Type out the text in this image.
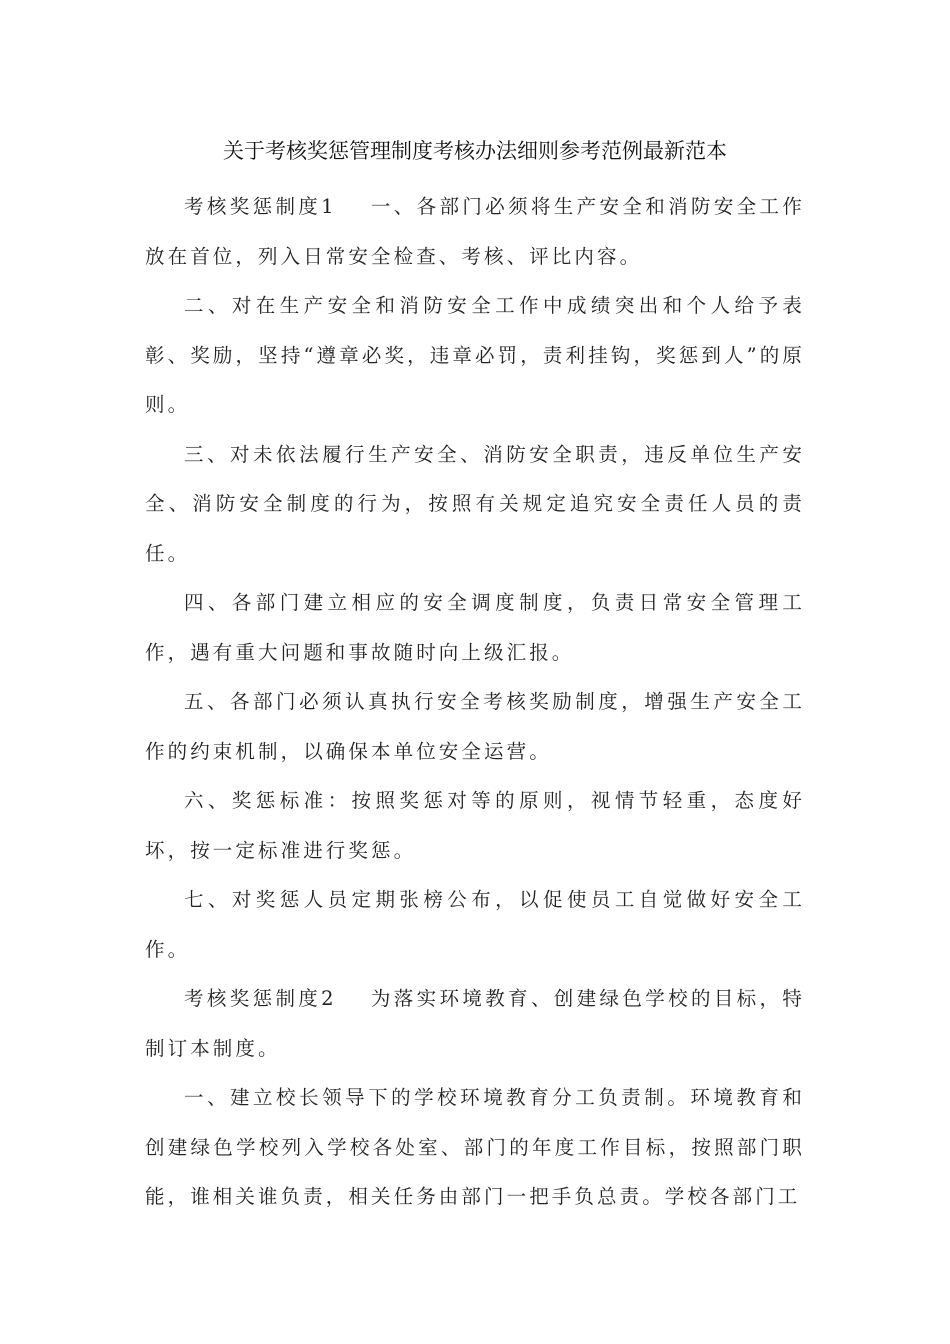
关于考核奖惩管理制度考核办法细则参考范例最新范本

考核奖惩制度1 一、各部门必须将生产安全和消防安全工作放在首位，列入日常安全检查、考核、评比内容。

二、对在生产安全和消防安全工作中成绩突出和个人给予表彰、奖励，坚持“遵章必奖，违章必罚，责利挂钩，奖惩到人”的原则。

三、对未依法履行生产安全、消防安全职责，违反单位生产安全、消防安全制度的行为，按照有关规定追究安全责任人员的责任。

四、各部门建立相应的安全调度制度，负责日常安全管理工作，遇有重大问题和事故随时向上级汇报。

五、各部门必须认真执行安全考核奖励制度，增强生产安全工作的约束机制，以确保本单位安全运营。

六、奖惩标准：按照奖惩对等的原则，视情节轻重，态度好坏，按一定标准进行奖惩。

七、对奖惩人员定期张榜公布，以促使员工自觉做好安全工作。

考核奖惩制度2 为落实环境教育、创建绿色学校的目标，特制订本制度。

一、建立校长领导下的学校环境教育分工负责制。环境教育和创建绿色学校列入学校各处室、部门的年度工作目标，按照部门职能，谁相关谁负责，相关任务由部门一把手负总责。学校各部门工
